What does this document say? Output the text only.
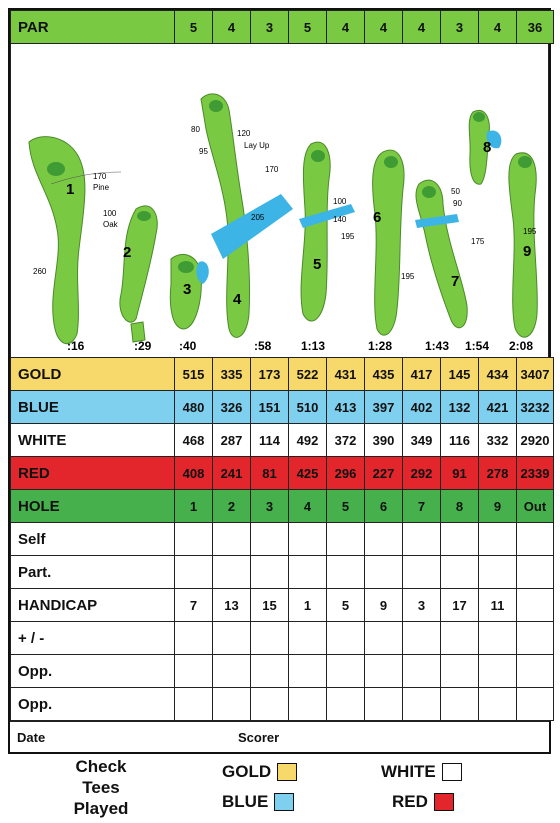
PAR	5	4	3	5	4	4	4	3	4	36
1
2
3
4
5
6
7
8
9
:16	:29 :40	:58 1:13	1:28	1:43 1:54 2:08
170
Pine
100
Oak
260
80
95
120
Lay Up
170
205
100
140
195
195
50
90
175
195
GOLD	515	335	173	522	431	435	417	145	434	3407
BLUE	480	326	151	510	413	397	402	132	421	3232
WHITE	468	287	114	492	372	390	349	116	332	2920
RED	408	241	81	425	296	227	292	91	278	2339
HOLE	1	2	3	4	5	6	7	8	9	Out
Self										
Part.										
HANDICAP	7	13	15	1	5	9	3	17	11	
+ / -										
Opp.										
Opp.										
Date	Scorer
Check
Tees
Played
GOLD
BLUE
WHITE
RED
